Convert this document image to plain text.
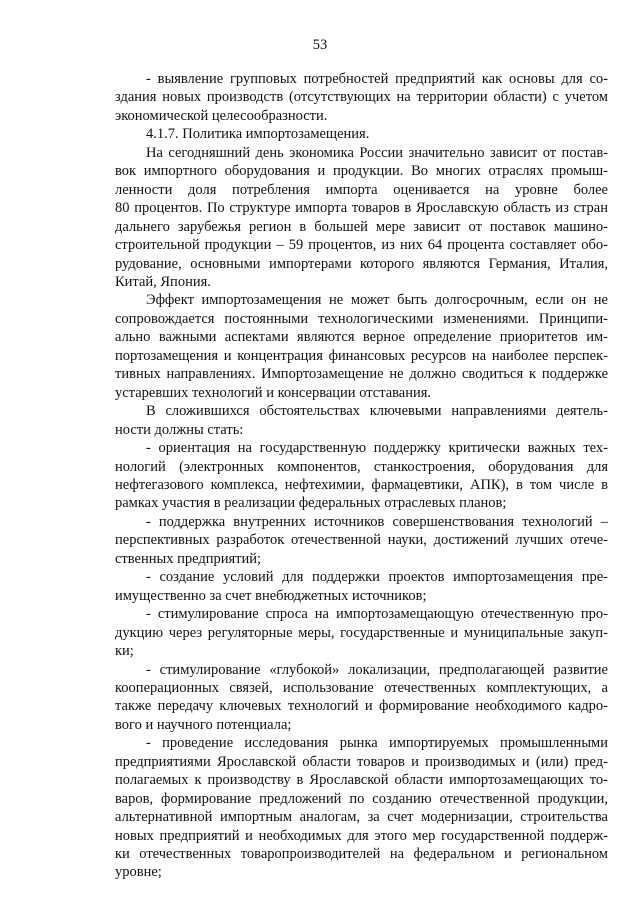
53
- выявление групповых потребностей предприятий как основы для со-
здания новых производств (отсутствующих на территории области) с учетом
экономической целесообразности.
4.1.7. Политика импортозамещения.
На сегодняшний день экономика России значительно зависит от постав-
вок импортного оборудования и продукции. Во многих отраслях промыш-
ленности доля потребления импорта оценивается на уровне более
80 процентов. По структуре импорта товаров в Ярославскую область из стран
дальнего зарубежья регион в большей мере зависит от поставок машино-
строительной продукции – 59 процентов, из них 64 процента составляет обо-
рудование, основными импортерами которого являются Германия, Италия,
Китай, Япония.
Эффект импортозамещения не может быть долгосрочным, если он не
сопровождается постоянными технологическими изменениями. Принципи-
ально важными аспектами являются верное определение приоритетов им-
портозамещения и концентрация финансовых ресурсов на наиболее перспек-
тивных направлениях. Импортозамещение не должно сводиться к поддержке
устаревших технологий и консервации отставания.
В сложившихся обстоятельствах ключевыми направлениями деятель-
ности должны стать:
- ориентация на государственную поддержку критически важных тех-
нологий (электронных компонентов, станкостроения, оборудования для
нефтегазового комплекса, нефтехимии, фармацевтики, АПК), в том числе в
рамках участия в реализации федеральных отраслевых планов;
- поддержка внутренних источников совершенствования технологий –
перспективных разработок отечественной науки, достижений лучших отече-
ственных предприятий;
- создание условий для поддержки проектов импортозамещения пре-
имущественно за счет внебюджетных источников;
- стимулирование спроса на импортозамещающую отечественную про-
дукцию через регуляторные меры, государственные и муниципальные закуп-
ки;
- стимулирование «глубокой» локализации, предполагающей развитие
кооперационных связей, использование отечественных комплектующих, а
также передачу ключевых технологий и формирование необходимого кадро-
вого и научного потенциала;
- проведение исследования рынка импортируемых промышленными
предприятиями Ярославской области товаров и производимых и (или) пред-
полагаемых к производству в Ярославской области импортозамещающих то-
варов, формирование предложений по созданию отечественной продукции,
альтернативной импортным аналогам, за счет модернизации, строительства
новых предприятий и необходимых для этого мер государственной поддерж-
ки отечественных товаропроизводителей на федеральном и региональном
уровне;
